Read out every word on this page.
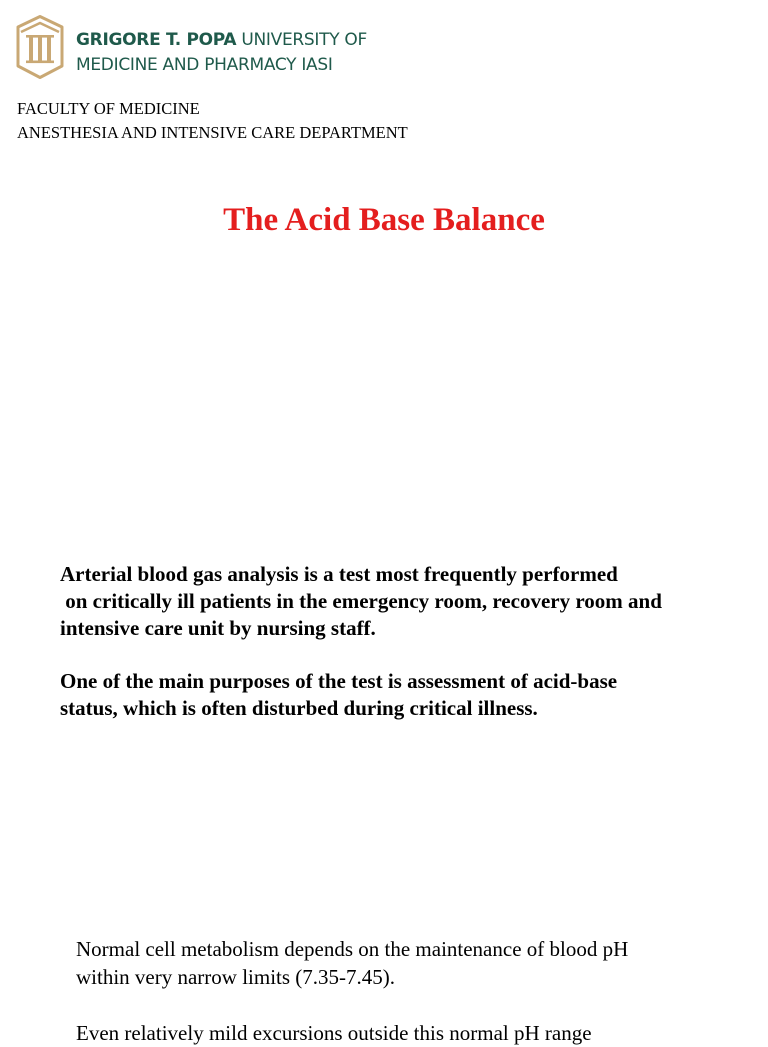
GRIGORE T. POPA UNIVERSITY OF
MEDICINE AND PHARMACY IASI
FACULTY OF MEDICINE
ANESTHESIA AND INTENSIVE CARE DEPARTMENT
The Acid Base Balance

Arterial blood gas analysis is a test most frequently performed

on critically ill patients in the emergency room, recovery room and

intensive care unit by nursing staff.

One of the main purposes of the test is assessment of acid-base

status, which is often disturbed during critical illness.

Normal cell metabolism depends on the maintenance of blood pH

within very narrow limits (7.35-7.45).

Even relatively mild excursions outside this normal pH range
